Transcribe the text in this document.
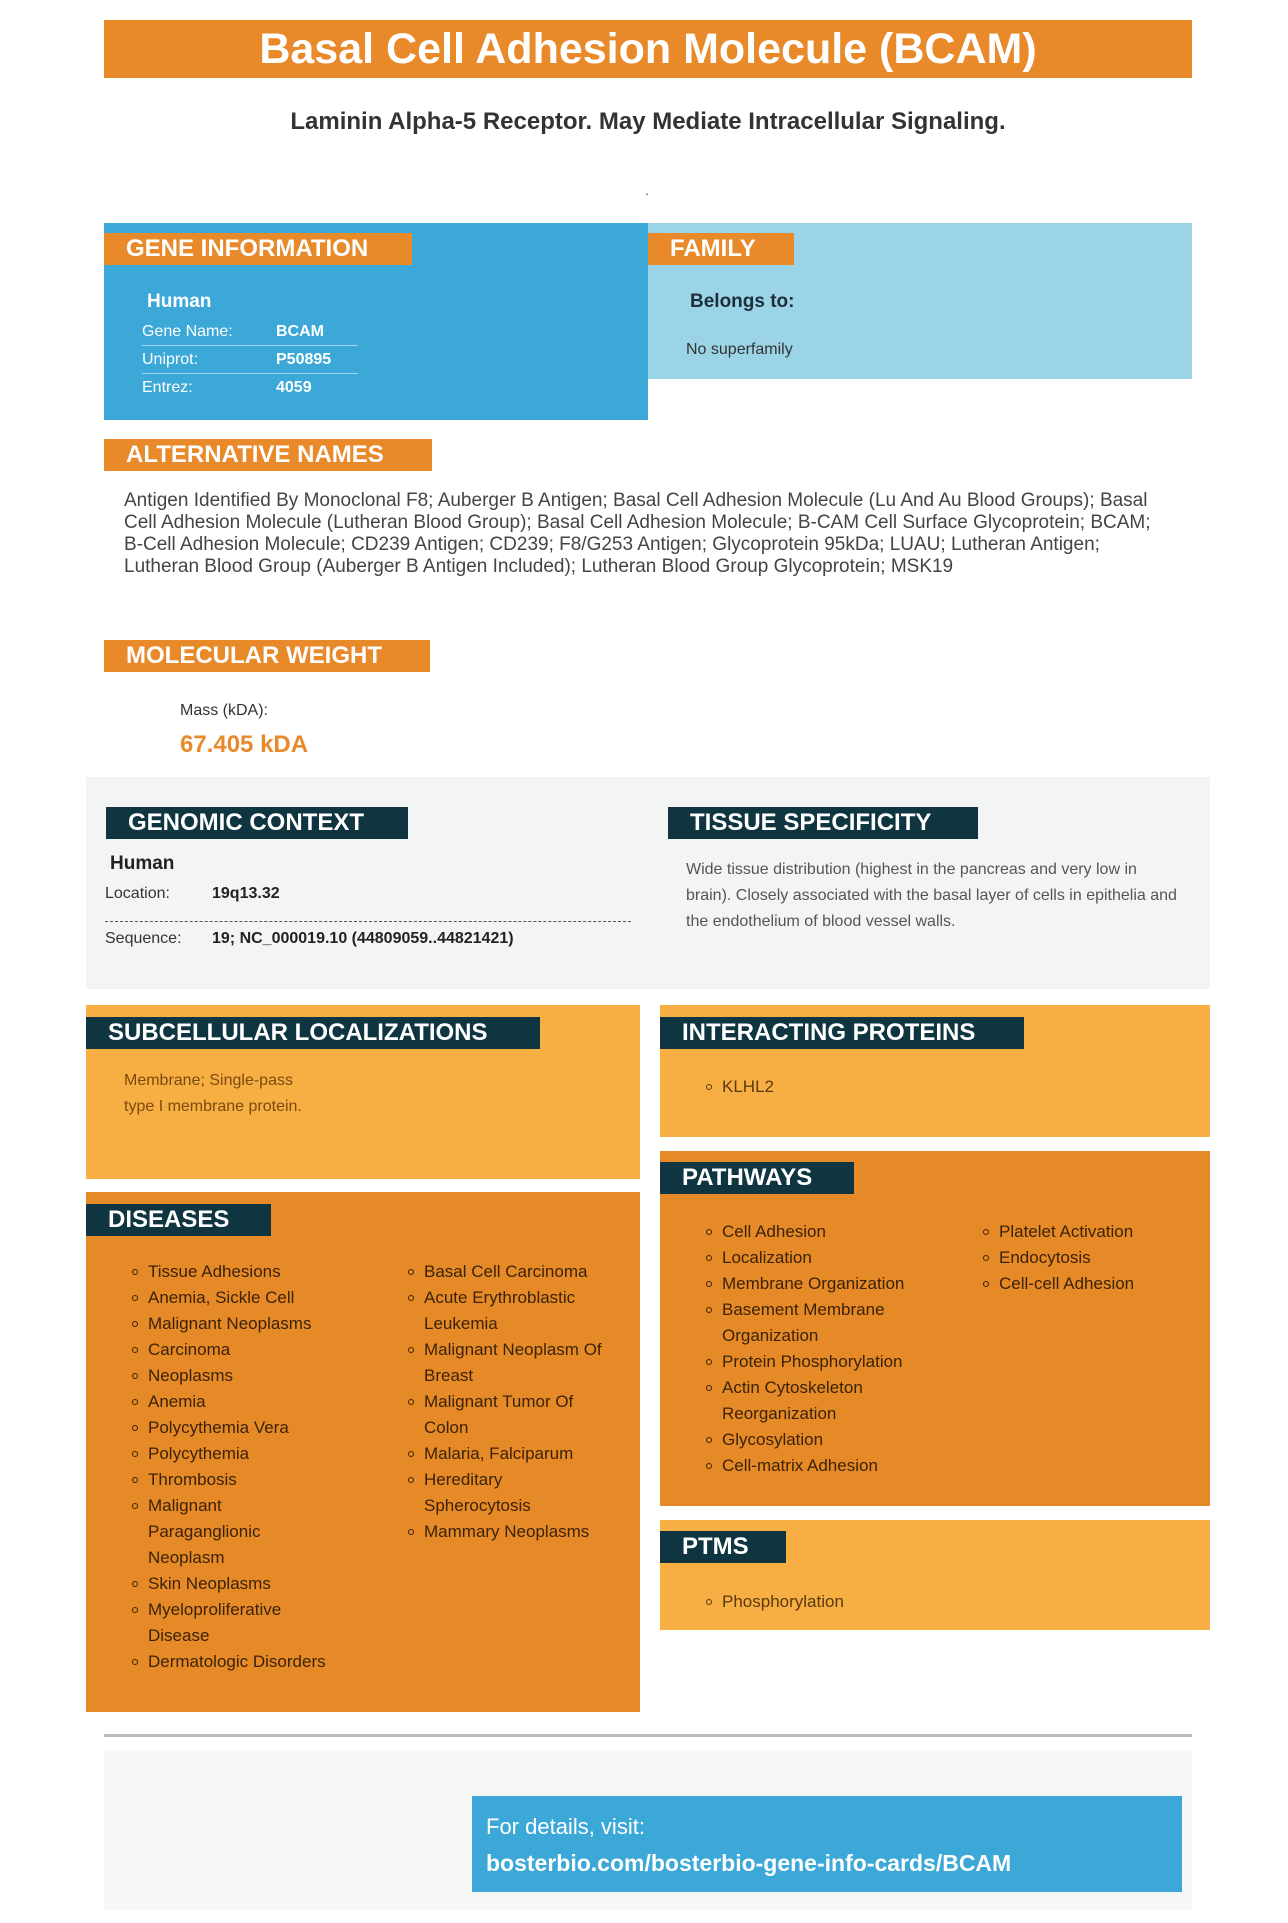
Basal Cell Adhesion Molecule (BCAM)
Laminin Alpha-5 Receptor. May Mediate Intracellular Signaling.
.
GENE INFORMATION
Human
Gene Name:	BCAM
Uniprot:	P50895
Entrez:	4059
FAMILY
Belongs to:
No superfamily
ALTERNATIVE NAMES
Antigen Identified By Monoclonal F8; Auberger B Antigen; Basal Cell Adhesion Molecule (Lu And Au Blood Groups); Basal Cell Adhesion Molecule (Lutheran Blood Group); Basal Cell Adhesion Molecule; B-CAM Cell Surface Glycoprotein; BCAM; B-Cell Adhesion Molecule; CD239 Antigen; CD239; F8/G253 Antigen; Glycoprotein 95kDa; LUAU; Lutheran Antigen; Lutheran Blood Group (Auberger B Antigen Included); Lutheran Blood Group Glycoprotein; MSK19
MOLECULAR WEIGHT
Mass (kDA):
67.405 kDA
GENOMIC CONTEXT
Human
Location:	19q13.32
Sequence: 19; NC_000019.10 (44809059..44821421)
TISSUE SPECIFICITY
Wide tissue distribution (highest in the pancreas and very low in brain). Closely associated with the basal layer of cells in epithelia and the endothelium of blood vessel walls.
SUBCELLULAR LOCALIZATIONS
Membrane; Single-pass
type I membrane protein.
INTERACTING PROTEINS
KLHL2
DISEASES
Tissue Adhesions
Anemia, Sickle Cell
Malignant Neoplasms
Carcinoma
Neoplasms
Anemia
Polycythemia Vera
Polycythemia
Thrombosis
Malignant Paraganglionic Neoplasm
Skin Neoplasms
Myeloproliferative Disease
Dermatologic Disorders
Basal Cell Carcinoma
Acute Erythroblastic Leukemia
Malignant Neoplasm Of Breast
Malignant Tumor Of Colon
Malaria, Falciparum
Hereditary Spherocytosis
Mammary Neoplasms
PATHWAYS
Cell Adhesion
Localization
Membrane Organization
Basement Membrane Organization
Protein Phosphorylation
Actin Cytoskeleton Reorganization
Glycosylation
Cell-matrix Adhesion
Platelet Activation
Endocytosis
Cell-cell Adhesion
PTMS
Phosphorylation
For details, visit:
bosterbio.com/bosterbio-gene-info-cards/BCAM
